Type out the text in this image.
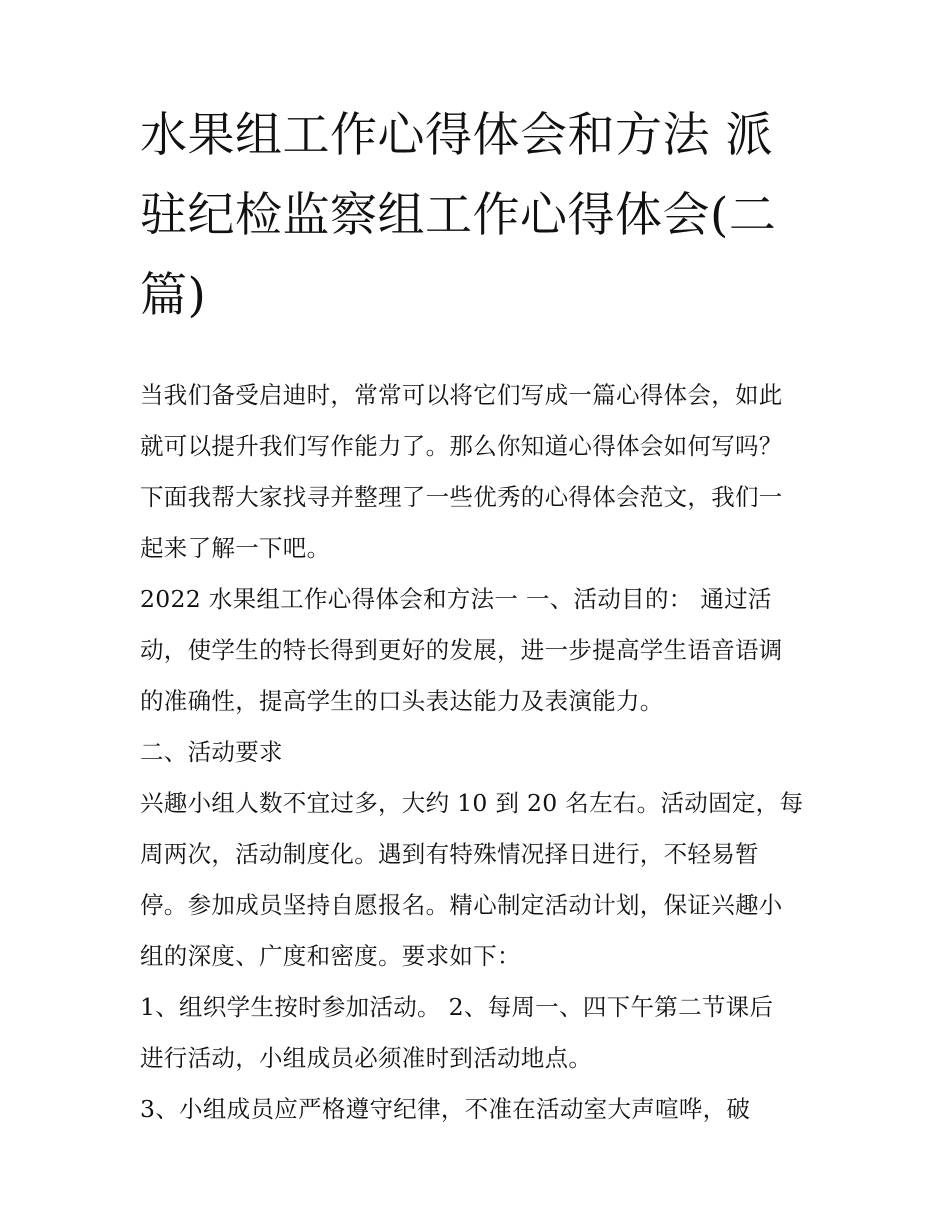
水果组工作心得体会和方法 派
驻纪检监察组工作心得体会(二
篇)
当我们备受启迪时，常常可以将它们写成一篇心得体会，如此
就可以提升我们写作能力了。那么你知道心得体会如何写吗？
下面我帮大家找寻并整理了一些优秀的心得体会范文，我们一
起来了解一下吧。
2022 水果组工作心得体会和方法一 一、活动目的： 通过活
动，使学生的特长得到更好的发展，进一步提高学生语音语调
的准确性，提高学生的口头表达能力及表演能力。
二、活动要求
兴趣小组人数不宜过多，大约 10 到 20 名左右。活动固定，每
周两次，活动制度化。遇到有特殊情况择日进行，不轻易暂
停。参加成员坚持自愿报名。精心制定活动计划，保证兴趣小
组的深度、广度和密度。要求如下：
1、组织学生按时参加活动。 2、每周一、四下午第二节课后
进行活动，小组成员必须准时到活动地点。
3、小组成员应严格遵守纪律，不准在活动室大声喧哗，破
